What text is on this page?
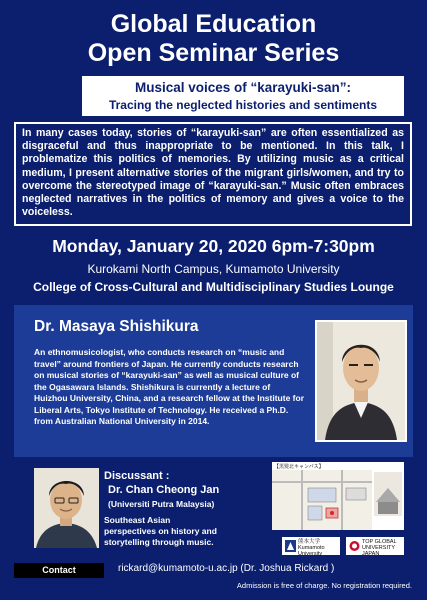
Global Education
Open Seminar Series
Musical voices of “karayuki-san”:
Tracing the neglected histories and sentiments
In many cases today, stories of “karayuki-san” are often essentialized as disgraceful and thus inappropriate to be mentioned. In this talk, I problematize this politics of memories. By utilizing music as a critical medium, I present alternative stories of the migrant girls/women, and try to overcome the stereotyped image of “karayuki-san.” Music often embraces neglected narratives in the politics of memory and gives a voice to the voiceless.
Monday, January 20, 2020 6pm-7:30pm
Kurokami North Campus, Kumamoto University
College of Cross-Cultural and Multidisciplinary Studies Lounge
Dr. Masaya Shishikura
An ethnomusicologist, who conducts research on “music and travel” around frontiers of Japan. He currently conducts research on musical stories of “karayuki-san” as well as musical culture of the Ogasawara Islands. Shishikura is currently a lecture of Huizhou University, China, and a research fellow at the Institute for Liberal Arts, Tokyo Institute of Technology. He received a Ph.D. from Australian National University in 2014.
Discussant :
Dr. Chan Cheong Jan
(Universiti Putra Malaysia)
Southeast Asian perspectives on history and storytelling through music.
【黒髪北キャンパス】
熊本大学 Kumamoto University
TOP GLOBAL UNIVERSITY JAPAN
Contact	rickard@kumamoto-u.ac.jp (Dr. Joshua Rickard )
Admission is free of charge. No registration required.
